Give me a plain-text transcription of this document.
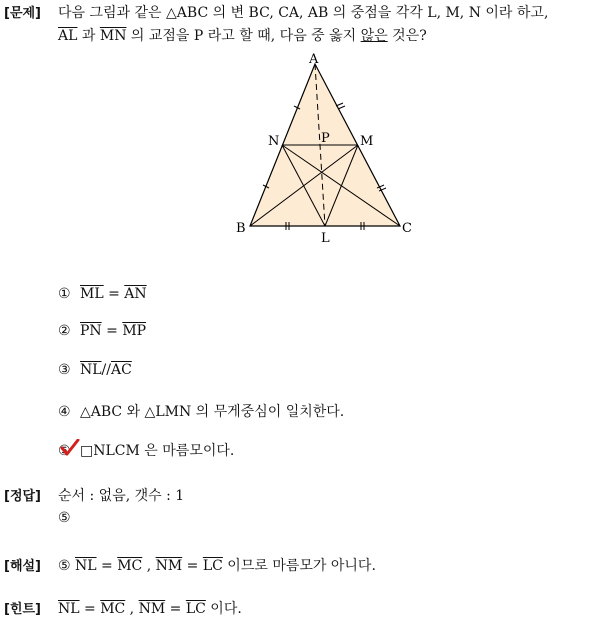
[문제] 다음 그림과 같은 △ABC 의 변 BC, CA, AB 의 중점을 각각 L, M, N 이라 하고,
$\overline{AL}$ 과 $\overline{MN}$ 의 교점을 P 라고 할 때, 다음 중 옳지 않은 것은?
A
B	C
N	M
P
L
① $\overline{ML} = \overline{AN}$
② $\overline{PN} = \overline{MP}$
③ $\overline{NL}//\overline{AC}$
④ △ABC 와 △LMN 의 무게중심이 일치한다.
⑤ □NLCM 은 마름모이다.
[정답] 순서 : 없음, 갯수 : 1
⑤
[해설] ⑤ $\overline{NL} = \overline{MC}$ , $\overline{NM} = \overline{LC}$ 이므로 마름모가 아니다.
[힌트] $\overline{NL} = \overline{MC}$ , $\overline{NM} = \overline{LC}$ 이다.
